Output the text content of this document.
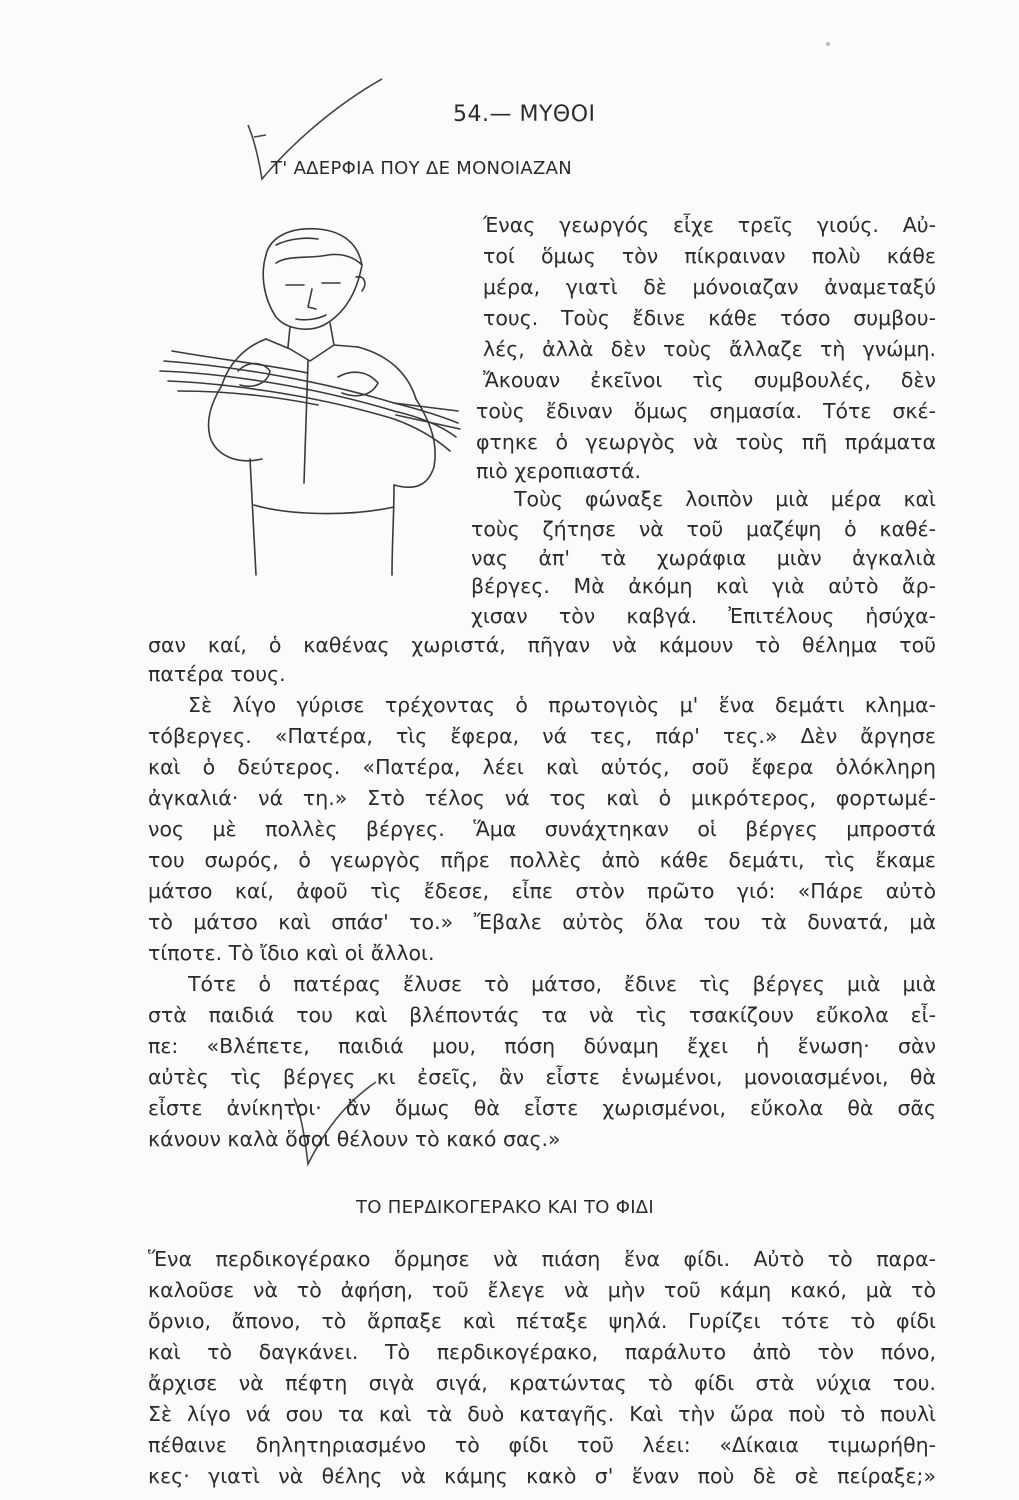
54.— ΜΥΘΟΙ
Τ' ΑΔΕΡΦΙΑ ΠΟΥ ΔΕ ΜΟΝΟΙΑΖΑΝ
Ένας γεωργός εἶχε τρεῖς γιούς. Αὐ-
τοί ὅμως τὸν πίκραιναν πολὺ κάθε
μέρα, γιατὶ δὲ μόνοιαζαν ἀναμεταξύ
τους. Τοὺς ἔδινε κάθε τόσο συμβου-
λές, ἀλλὰ δὲν τοὺς ἄλλαζε τὴ γνώμη.
Ἄκουαν ἐκεῖνοι τὶς συμβουλές, δὲν
τοὺς ἔδιναν ὅμως σημασία. Τότε σκέ-
φτηκε ὁ γεωργὸς νὰ τοὺς πῆ πράματα
πιὸ χεροπιαστά.
Τοὺς φώναξε λοιπὸν μιὰ μέρα καὶ
τοὺς ζήτησε νὰ τοῦ μαζέψη ὁ καθέ-
νας ἀπ' τὰ χωράφια μιὰν ἀγκαλιὰ
βέργες. Μὰ ἀκόμη καὶ γιὰ αὐτὸ ἄρ-
χισαν τὸν καβγά. Ἐπιτέλους ἡσύχα-
σαν καί, ὁ καθένας χωριστά, πῆγαν νὰ κάμουν τὸ θέλημα τοῦ
πατέρα τους.
Σὲ λίγο γύρισε τρέχοντας ὁ πρωτογιὸς μ' ἕνα δεμάτι κλημα-
τόβεργες. «Πατέρα, τὶς ἔφερα, νά τες, πάρ' τες.» Δὲν ἄργησε
καὶ ὁ δεύτερος. «Πατέρα, λέει καὶ αὐτός, σοῦ ἔφερα ὁλόκληρη
ἀγκαλιά· νά τη.» Στὸ τέλος νά τος καὶ ὁ μικρότερος, φορτωμέ-
νος μὲ πολλὲς βέργες. Ἅμα συνάχτηκαν οἱ βέργες μπροστά
του σωρός, ὁ γεωργὸς πῆρε πολλὲς ἀπὸ κάθε δεμάτι, τὶς ἔκαμε
μάτσο καί, ἀφοῦ τὶς ἔδεσε, εἶπε στὸν πρῶτο γιό: «Πάρε αὐτὸ
τὸ μάτσο καὶ σπάσ' το.» Ἔβαλε αὐτὸς ὅλα του τὰ δυνατά, μὰ
τίποτε. Τὸ ἴδιο καὶ οἱ ἄλλοι.
Τότε ὁ πατέρας ἔλυσε τὸ μάτσο, ἔδινε τὶς βέργες μιὰ μιὰ
στὰ παιδιά του καὶ βλέποντάς τα νὰ τὶς τσακίζουν εὔκολα εἶ-
πε: «Βλέπετε, παιδιά μου, πόση δύναμη ἔχει ἡ ἕνωση· σὰν
αὐτὲς τὶς βέργες κι ἐσεῖς, ἂν εἶστε ἑνωμένοι, μονοιασμένοι, θὰ
εἶστε ἀνίκητοι· ἂν ὅμως θὰ εἶστε χωρισμένοι, εὔκολα θὰ σᾶς
κάνουν καλὰ ὅσοι θέλουν τὸ κακό σας.»
ΤΟ ΠΕΡΔΙΚΟΓΕΡΑΚΟ ΚΑΙ ΤΟ ΦΙΔΙ
Ἕνα περδικογέρακο ὅρμησε νὰ πιάση ἕνα φίδι. Αὐτὸ τὸ παρα-
καλοῦσε νὰ τὸ ἀφήση, τοῦ ἔλεγε νὰ μὴν τοῦ κάμη κακό, μὰ τὸ
ὄρνιο, ἄπονο, τὸ ἅρπαξε καὶ πέταξε ψηλά. Γυρίζει τότε τὸ φίδι
καὶ τὸ δαγκάνει. Τὸ περδικογέρακο, παράλυτο ἀπὸ τὸν πόνο,
ἄρχισε νὰ πέφτη σιγὰ σιγά, κρατώντας τὸ φίδι στὰ νύχια του.
Σὲ λίγο νά σου τα καὶ τὰ δυὸ καταγῆς. Καὶ τὴν ὥρα ποὺ τὸ πουλὶ
πέθαινε δηλητηριασμένο τὸ φίδι τοῦ λέει: «Δίκαια τιμωρήθη-
κες· γιατὶ νὰ θέλης νὰ κάμης κακὸ σ' ἕναν ποὺ δὲ σὲ πείραξε;»
